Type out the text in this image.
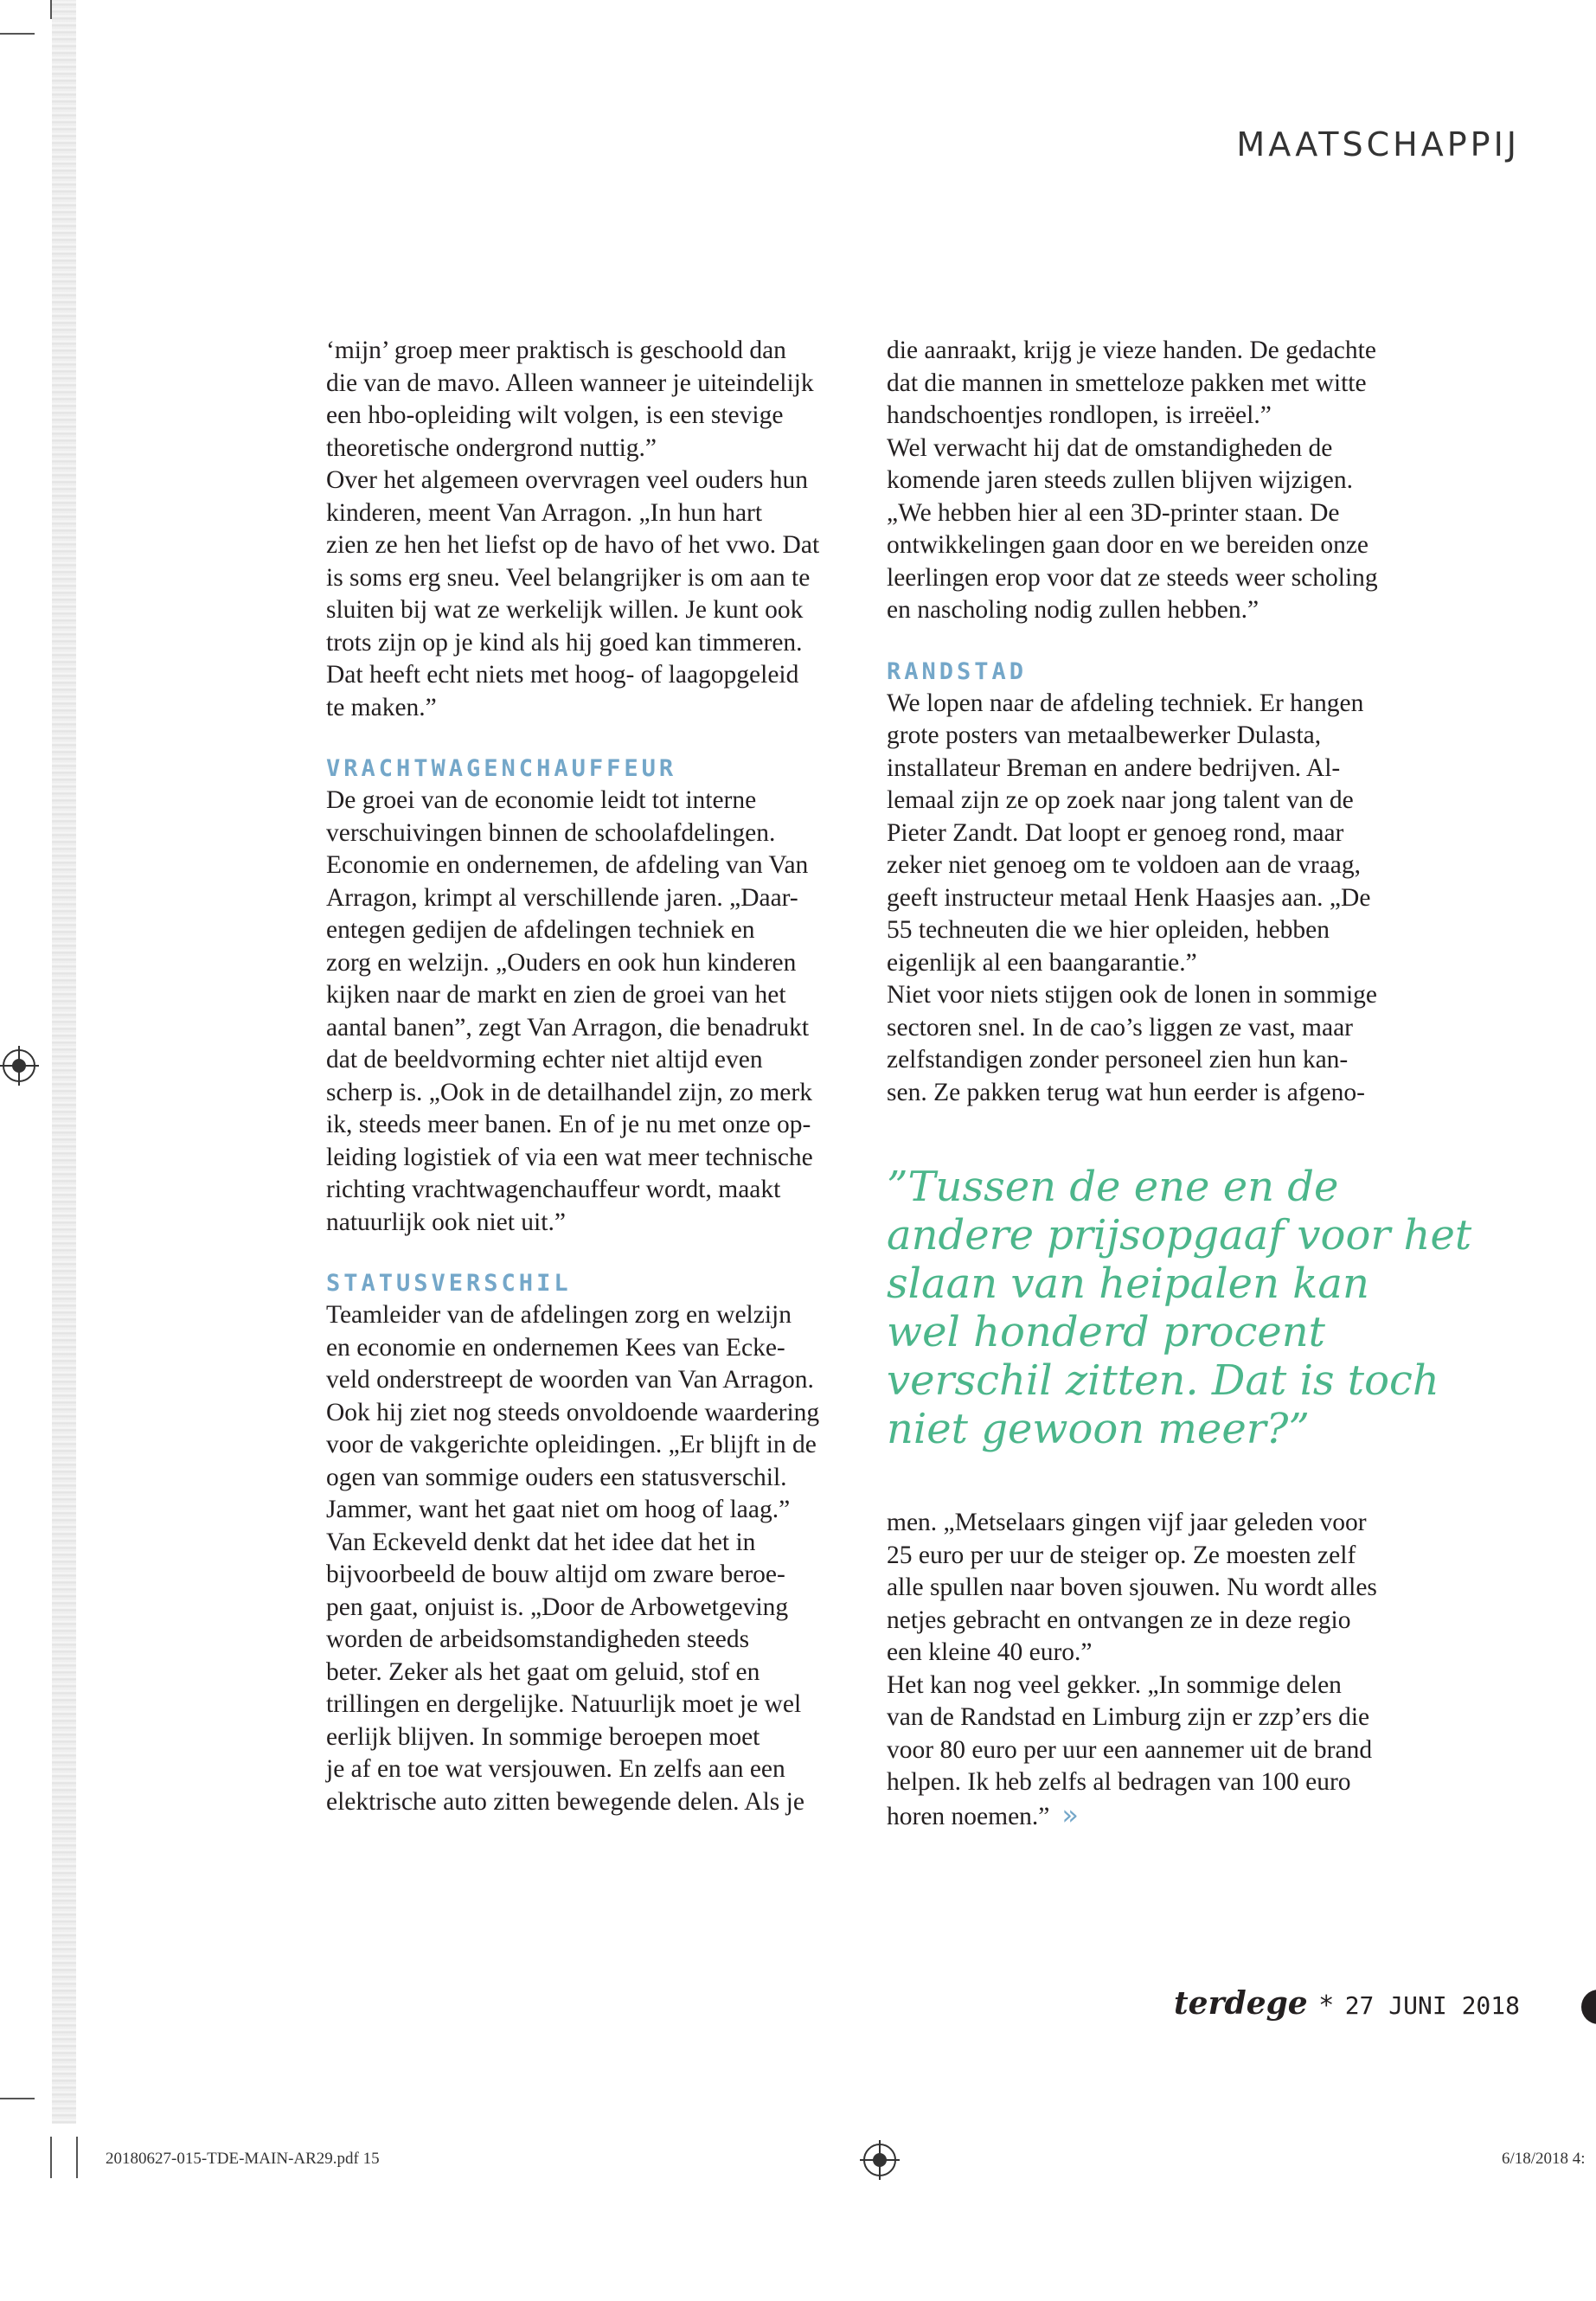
MAATSCHAPPIJ

‘mijn’ groep meer praktisch is geschoold dan
die van de mavo. Alleen wanneer je uiteindelijk
een hbo-opleiding wilt volgen, is een stevige
theoretische ondergrond nuttig.”
Over het algemeen overvragen veel ouders hun
kinderen, meent Van Arragon. „In hun hart
zien ze hen het liefst op de havo of het vwo. Dat
is soms erg sneu. Veel belangrijker is om aan te
sluiten bij wat ze werkelijk willen. Je kunt ook
trots zijn op je kind als hij goed kan timmeren.
Dat heeft echt niets met hoog- of laagopgeleid
te maken.”

VRACHTWAGENCHAUFFEUR

De groei van de economie leidt tot interne
verschuivingen binnen de schoolafdelingen.
Economie en ondernemen, de afdeling van Van
Arragon, krimpt al verschillende jaren. „Daar-
entegen gedijen de afdelingen techniek en
zorg en welzijn. „Ouders en ook hun kinderen
kijken naar de markt en zien de groei van het
aantal banen”, zegt Van Arragon, die benadrukt
dat de beeldvorming echter niet altijd even
scherp is. „Ook in de detailhandel zijn, zo merk
ik, steeds meer banen. En of je nu met onze op-
leiding logistiek of via een wat meer technische
richting vrachtwagenchauffeur wordt, maakt
natuurlijk ook niet uit.”

STATUSVERSCHIL

Teamleider van de afdelingen zorg en welzijn
en economie en ondernemen Kees van Ecke-
veld onderstreept de woorden van Van Arragon.
Ook hij ziet nog steeds onvoldoende waardering
voor de vakgerichte opleidingen. „Er blijft in de
ogen van sommige ouders een statusverschil.
Jammer, want het gaat niet om hoog of laag.”
Van Eckeveld denkt dat het idee dat het in
bijvoorbeeld de bouw altijd om zware beroe-
pen gaat, onjuist is. „Door de Arbowetgeving
worden de arbeidsomstandigheden steeds
beter. Zeker als het gaat om geluid, stof en
trillingen en dergelijke. Natuurlijk moet je wel
eerlijk blijven. In sommige beroepen moet
je af en toe wat versjouwen. En zelfs aan een
elektrische auto zitten bewegende delen. Als je

die aanraakt, krijg je vieze handen. De gedachte
dat die mannen in smetteloze pakken met witte
handschoentjes rondlopen, is irreëel.”
Wel verwacht hij dat de omstandigheden de
komende jaren steeds zullen blijven wijzigen.
„We hebben hier al een 3D-printer staan. De
ontwikkelingen gaan door en we bereiden onze
leerlingen erop voor dat ze steeds weer scholing
en nascholing nodig zullen hebben.”

RANDSTAD

We lopen naar de afdeling techniek. Er hangen
grote posters van metaalbewerker Dulasta,
installateur Breman en andere bedrijven. Al-
lemaal zijn ze op zoek naar jong talent van de
Pieter Zandt. Dat loopt er genoeg rond, maar
zeker niet genoeg om te voldoen aan de vraag,
geeft instructeur metaal Henk Haasjes aan. „De
55 techneuten die we hier opleiden, hebben
eigenlijk al een baangarantie.”
Niet voor niets stijgen ook de lonen in sommige
sectoren snel. In de cao’s liggen ze vast, maar
zelfstandigen zonder personeel zien hun kan-
sen. Ze pakken terug wat hun eerder is afgeno-

”Tussen de ene en de
andere prijsopgaaf voor het
slaan van heipalen kan
wel honderd procent
verschil zitten. Dat is toch
niet gewoon meer?”

men. „Metselaars gingen vijf jaar geleden voor
25 euro per uur de steiger op. Ze moesten zelf
alle spullen naar boven sjouwen. Nu wordt alles
netjes gebracht en ontvangen ze in deze regio
een kleine 40 euro.”
Het kan nog veel gekker. „In sommige delen
van de Randstad en Limburg zijn er zzp’ers die
voor 80 euro per uur een aannemer uit de brand
helpen. Ik heb zelfs al bedragen van 100 euro
horen noemen.” »

terdege * 27 JUNI 2018
20180627-015-TDE-MAIN-AR29.pdf 15	6/18/2018 4:
